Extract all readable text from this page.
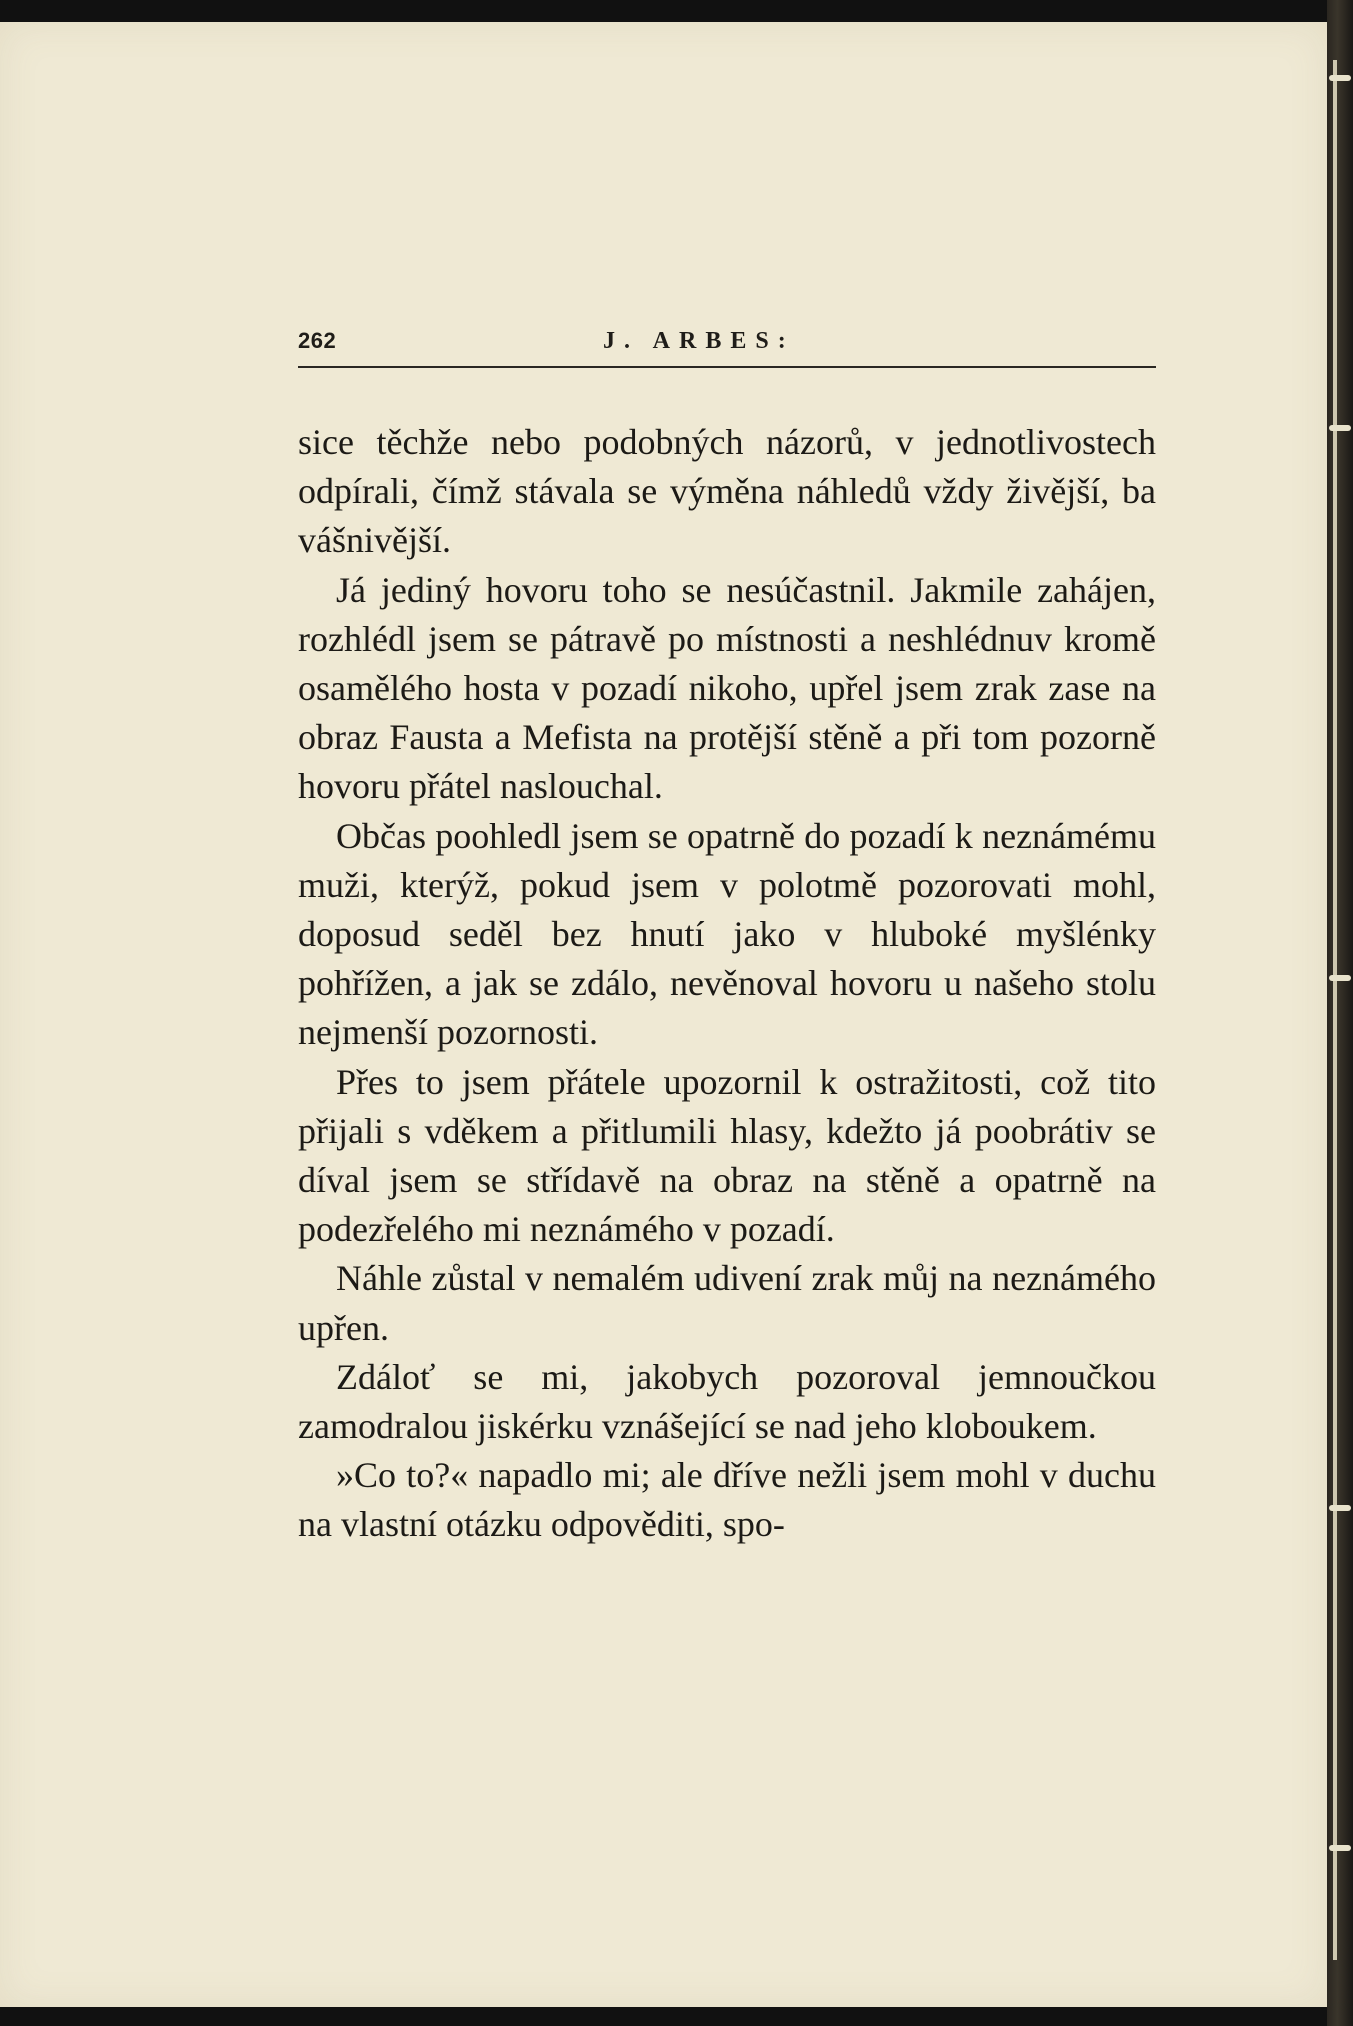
262	J. ARBES:

sice těchže nebo podobných názorů, v jednotlivostech odpírali, čímž stávala se výměna náhledů vždy živější, ba vášnivější.

Já jediný hovoru toho se nesúčastnil. Jakmile zahájen, rozhlédl jsem se pátravě po místnosti a neshlédnuv kromě osamělého hosta v pozadí nikoho, upřel jsem zrak zase na obraz Fausta a Mefista na protější stěně a při tom pozorně hovoru přátel naslouchal.

Občas poohledl jsem se opatrně do pozadí k neznámému muži, kterýž, pokud jsem v polotmě pozorovati mohl, doposud seděl bez hnutí jako v hluboké myšlénky pohřížen, a jak se zdálo, nevěnoval hovoru u našeho stolu nejmenší pozornosti.

Přes to jsem přátele upozornil k ostražitosti, což tito přijali s vděkem a přitlumili hlasy, kdežto já poobrátiv se díval jsem se střídavě na obraz na stěně a opatrně na podezřelého mi neznámého v pozadí.

Náhle zůstal v nemalém udivení zrak můj na neznámého upřen.

Zdáloť se mi, jakobych pozoroval jemnoučkou zamodralou jiskérku vznášející se nad jeho kloboukem.

»Co to?« napadlo mi; ale dříve nežli jsem mohl v duchu na vlastní otázku odpověditi, spo-
